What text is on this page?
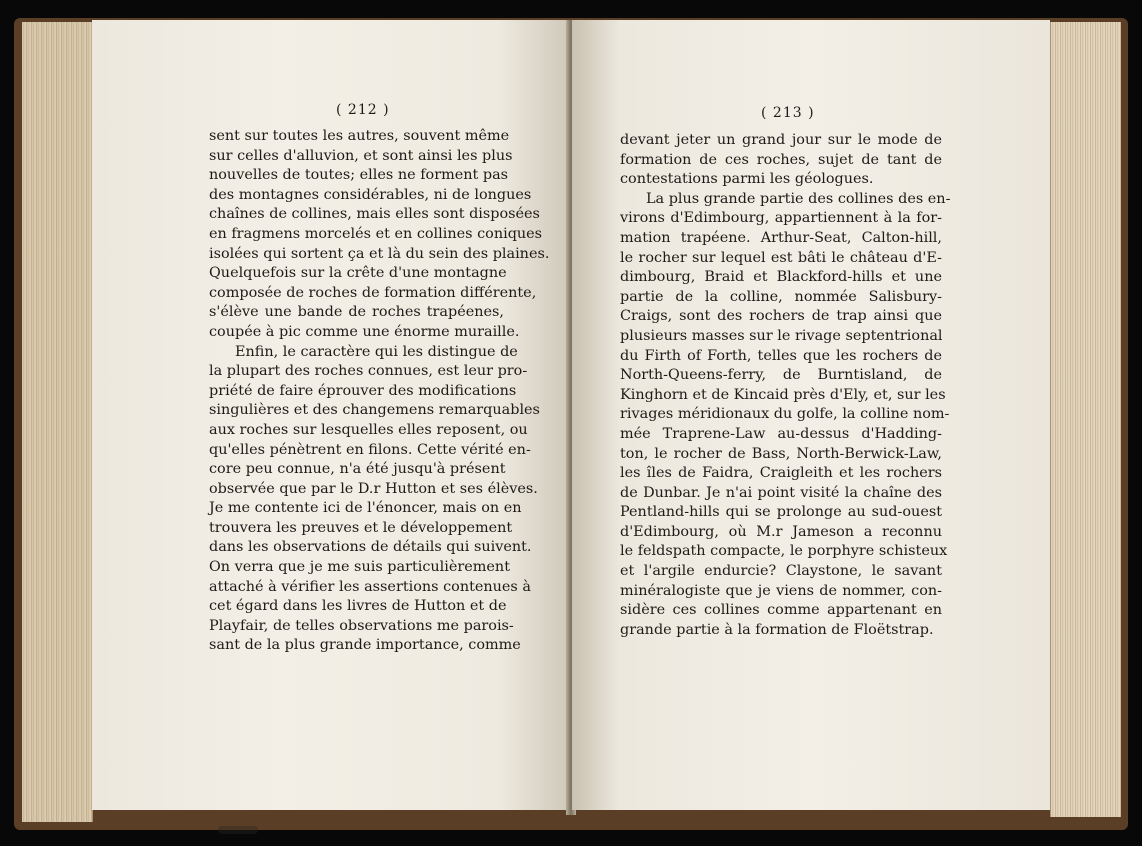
( 212 )
sent sur toutes les autres, souvent même
sur celles d'alluvion, et sont ainsi les plus
nouvelles de toutes; elles ne forment pas
des montagnes considérables, ni de longues
chaînes de collines, mais elles sont disposées
en fragmens morcelés et en collines coniques
isolées qui sortent ça et là du sein des plaines.
Quelquefois sur la crête d'une montagne
composée de roches de formation différente,
s'élève une bande de roches trapéenes,
coupée à pic comme une énorme muraille.
Enfin, le caractère qui les distingue de
la plupart des roches connues, est leur pro-
priété de faire éprouver des modifications
singulières et des changemens remarquables
aux roches sur lesquelles elles reposent, ou
qu'elles pénètrent en filons. Cette vérité en-
core peu connue, n'a été jusqu'à présent
observée que par le D.r Hutton et ses élèves.
Je me contente ici de l'énoncer, mais on en
trouvera les preuves et le développement
dans les observations de détails qui suivent.
On verra que je me suis particulièrement
attaché à vérifier les assertions contenues à
cet égard dans les livres de Hutton et de
Playfair, de telles observations me parois-
sant de la plus grande importance, comme
( 213 )
devant jeter un grand jour sur le mode de
formation de ces roches, sujet de tant de
contestations parmi les géologues.
La plus grande partie des collines des en-
virons d'Edimbourg, appartiennent à la for-
mation trapéene. Arthur-Seat, Calton-hill,
le rocher sur lequel est bâti le château d'E-
dimbourg, Braid et Blackford-hills et une
partie de la colline, nommée Salisbury-
Craigs, sont des rochers de trap ainsi que
plusieurs masses sur le rivage septentrional
du Firth of Forth, telles que les rochers de
North-Queens-ferry, de Burntisland, de
Kinghorn et de Kincaid près d'Ely, et, sur les
rivages méridionaux du golfe, la colline nom-
mée Traprene-Law au-dessus d'Hadding-
ton, le rocher de Bass, North-Berwick-Law,
les îles de Faidra, Craigleith et les rochers
de Dunbar. Je n'ai point visité la chaîne des
Pentland-hills qui se prolonge au sud-ouest
d'Edimbourg, où M.r Jameson a reconnu
le feldspath compacte, le porphyre schisteux
et l'argile endurcie? Claystone, le savant
minéralogiste que je viens de nommer, con-
sidère ces collines comme appartenant en
grande partie à la formation de Floëtstrap.
